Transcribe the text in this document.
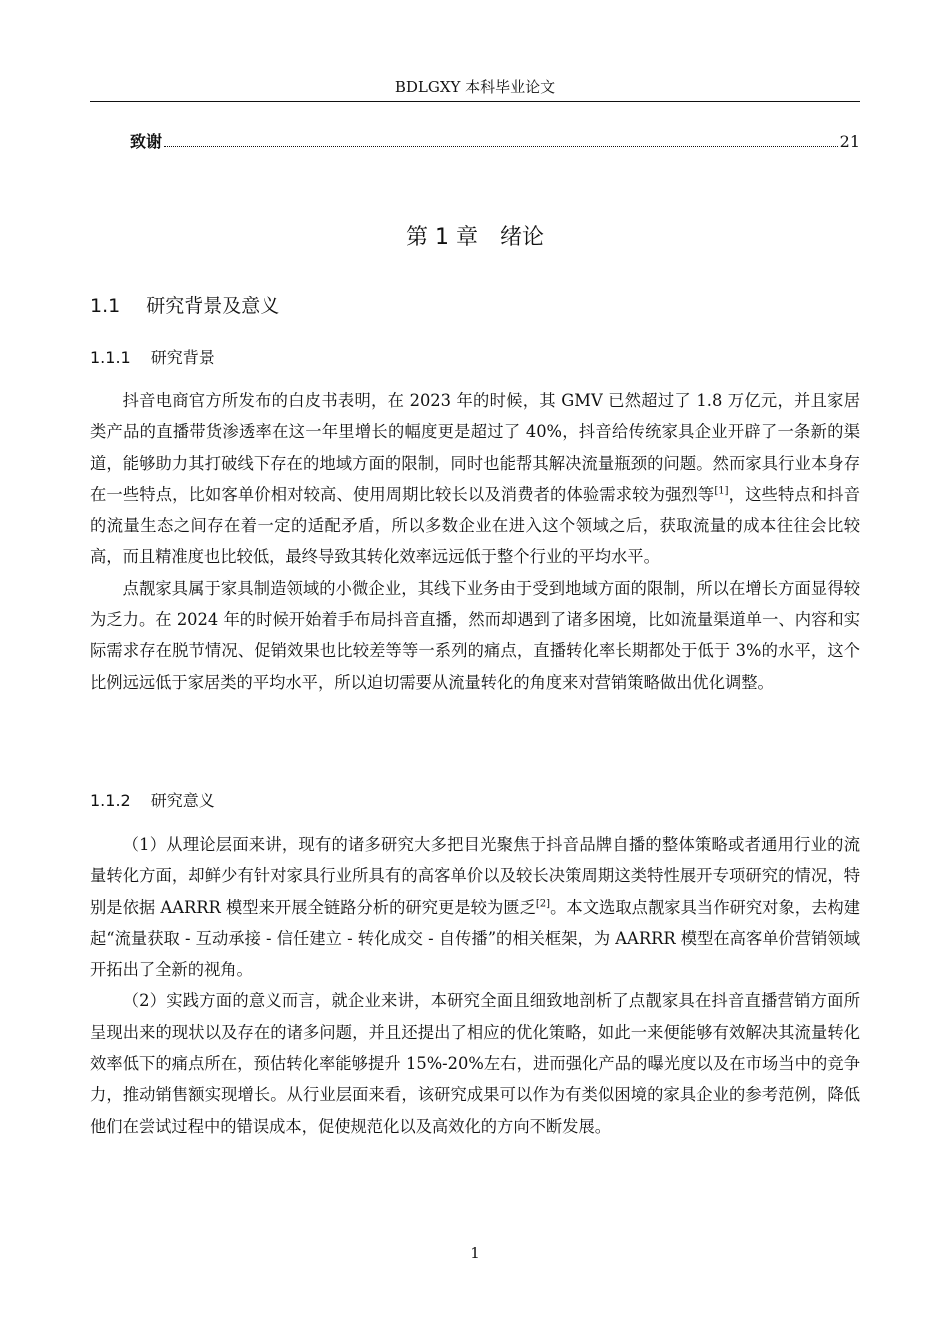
BDLGXY 本科毕业论文
致谢	21
第 1 章　绪论
1.1 研究背景及意义
1.1.1 研究背景

抖音电商官方所发布的白皮书表明，在 2023 年的时候，其 GMV 已然超过了 1.8 万亿元，并且家居类产品的直播带货渗透率在这一年里增长的幅度更是超过了 40%，抖音给传统家具企业开辟了一条新的渠道，能够助力其打破线下存在的地域方面的限制，同时也能帮其解决流量瓶颈的问题。然而家具行业本身存在一些特点，比如客单价相对较高、使用周期比较长以及消费者的体验需求较为强烈等[1]，这些特点和抖音的流量生态之间存在着一定的适配矛盾，所以多数企业在进入这个领域之后，获取流量的成本往往会比较高，而且精准度也比较低，最终导致其转化效率远远低于整个行业的平均水平。

点靓家具属于家具制造领域的小微企业，其线下业务由于受到地域方面的限制，所以在增长方面显得较为乏力。在 2024 年的时候开始着手布局抖音直播，然而却遇到了诸多困境，比如流量渠道单一、内容和实际需求存在脱节情况、促销效果也比较差等等一系列的痛点，直播转化率长期都处于低于 3%的水平，这个比例远远低于家居类的平均水平，所以迫切需要从流量转化的角度来对营销策略做出优化调整。

1.1.2 研究意义

（1）从理论层面来讲，现有的诸多研究大多把目光聚焦于抖音品牌自播的整体策略或者通用行业的流量转化方面，却鲜少有针对家具行业所具有的高客单价以及较长决策周期这类特性展开专项研究的情况，特别是依据 AARRR 模型来开展全链路分析的研究更是较为匮乏[2]。本文选取点靓家具当作研究对象，去构建起“流量获取 - 互动承接 - 信任建立 - 转化成交 - 自传播”的相关框架，为 AARRR 模型在高客单价营销领域开拓出了全新的视角。

（2）实践方面的意义而言，就企业来讲，本研究全面且细致地剖析了点靓家具在抖音直播营销方面所呈现出来的现状以及存在的诸多问题，并且还提出了相应的优化策略，如此一来便能够有效解决其流量转化效率低下的痛点所在，预估转化率能够提升 15%-20%左右，进而强化产品的曝光度以及在市场当中的竞争力，推动销售额实现增长。从行业层面来看，该研究成果可以作为有类似困境的家具企业的参考范例，降低他们在尝试过程中的错误成本，促使规范化以及高效化的方向不断发展。

1
